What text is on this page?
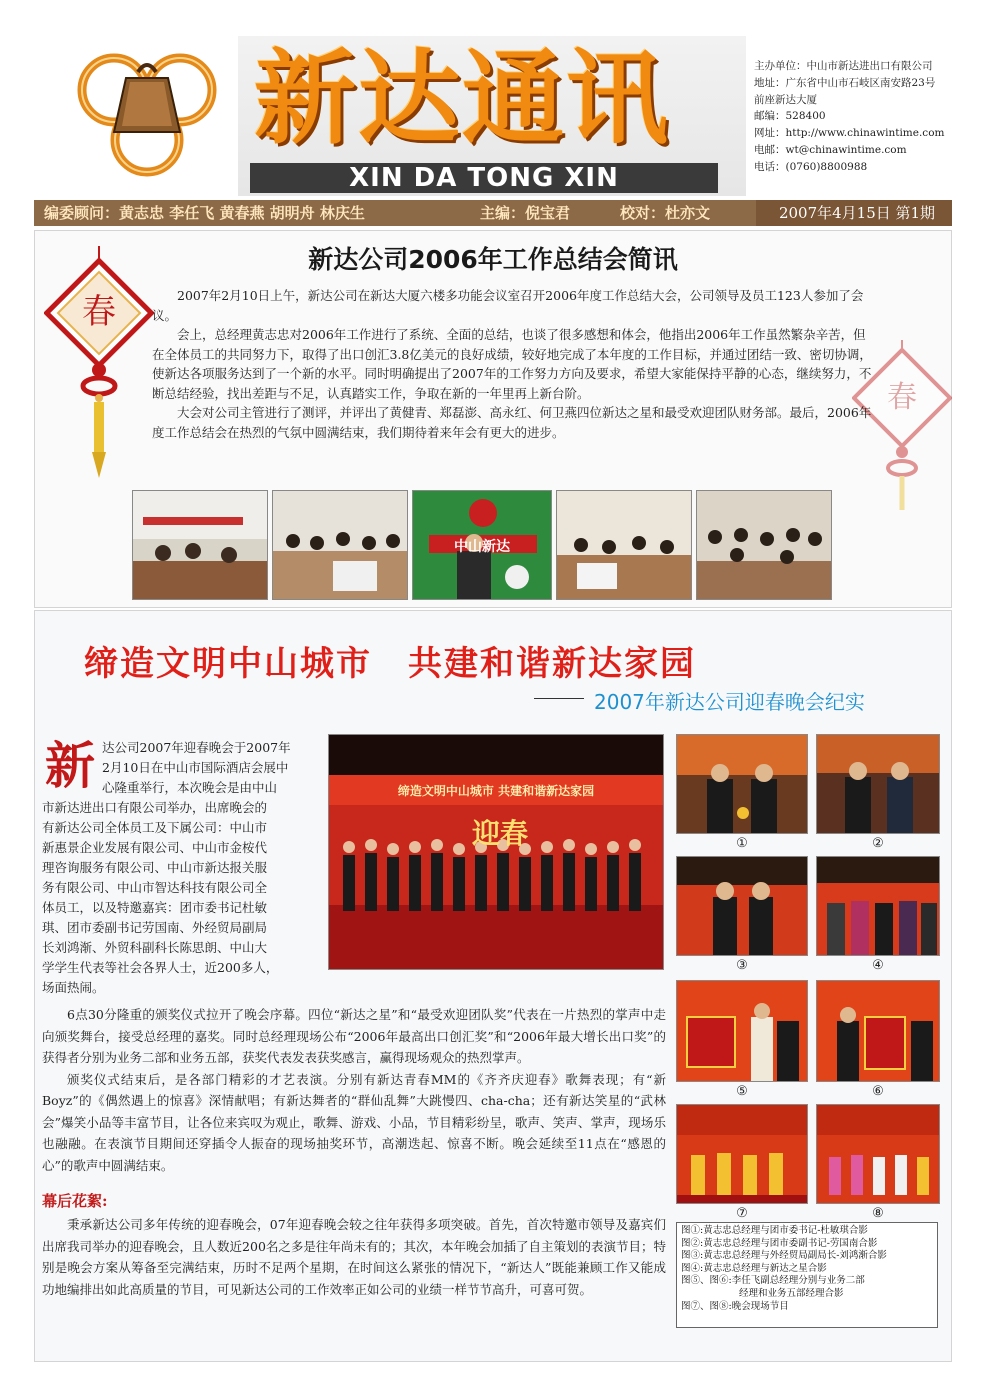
新达通讯
XIN DA TONG XIN
主办单位：中山市新达进出口有限公司
地址：广东省中山市石岐区南安路23号
前座新达大厦
邮编：528400
网址：http://www.chinawintime.com
电邮：wt@chinawintime.com
电话：(0760)8800988
编委顾问：黄志忠 李任飞 黄春燕 胡明舟 林庆生	主编：倪宝君	校对：杜亦文	2007年4月15日 第1期
春
春
新达公司2006年工作总结会简讯

2007年2月10日上午，新达公司在新达大厦六楼多功能会议室召开2006年度工作总结大会，公司领导及员工123人参加了会议。

会上，总经理黄志忠对2006年工作进行了系统、全面的总结，也谈了很多感想和体会，他指出2006年工作虽然繁杂辛苦，但在全体员工的共同努力下，取得了出口创汇3.8亿美元的良好成绩，较好地完成了本年度的工作目标，并通过团结一致、密切协调，使新达各项服务达到了一个新的水平。同时明确提出了2007年的工作努力方向及要求，希望大家能保持平静的心态，继续努力，不断总结经验，找出差距与不足，认真踏实工作，争取在新的一年里再上新台阶。

大会对公司主管进行了测评，并评出了黄健青、郑磊澎、高永红、何卫燕四位新达之星和最受欢迎团队财务部。最后，2006年度工作总结会在热烈的气氛中圆满结束，我们期待着来年会有更大的进步。

中山新达
缔造文明中山城市　共建和谐新达家园
2007年新达公司迎春晚会纪实
新 达公司2007年迎春晚会于2007年
2月10日在中山市国际酒店会展中
心隆重举行，本次晚会是由中山
市新达进出口有限公司举办，出席晚会的
有新达公司全体员工及下属公司：中山市
新惠景企业发展有限公司、中山市金桉代
理咨询服务有限公司、中山市新达报关服
务有限公司、中山市智达科技有限公司全
体员工，以及特邀嘉宾：团市委书记杜敏
琪、团市委副书记劳国南、外经贸局副局
长刘鸿渐、外贸科副科长陈思朗、中山大
学学生代表等社会各界人士，近200多人，
场面热闹。
缔造文明中山城市 共建和谐新达家园
迎春

6点30分隆重的颁奖仪式拉开了晚会序幕。四位“新达之星”和“最受欢迎团队奖”代表在一片热烈的掌声中走向颁奖舞台，接受总经理的嘉奖。同时总经理现场公布“2006年最高出口创汇奖”和“2006年最大增长出口奖”的获得者分别为业务二部和业务五部，获奖代表发表获奖感言，赢得现场观众的热烈掌声。

颁奖仪式结束后，是各部门精彩的才艺表演。分别有新达青春MM的《齐齐庆迎春》歌舞表现；有“新Boyz”的《偶然遇上的惊喜》深情献唱；有新达舞者的“群仙乱舞”大跳慢四、cha-cha；还有新达笑星的“武林会”爆笑小品等丰富节目，让各位来宾叹为观止，歌舞、游戏、小品，节目精彩纷呈，歌声、笑声、掌声，现场乐也融融。在表演节目期间还穿插令人振奋的现场抽奖环节，高潮迭起、惊喜不断。晚会延续至11点在“感恩的心”的歌声中圆满结束。

幕后花絮:

秉承新达公司多年传统的迎春晚会，07年迎春晚会较之往年获得多项突破。首先，首次特邀市领导及嘉宾们出席我司举办的迎春晚会，且人数近200名之多是往年尚未有的；其次，本年晚会加插了自主策划的表演节目；特别是晚会方案从筹备至完满结束，历时不足两个星期，在时间这么紧张的情况下，“新达人”既能兼顾工作又能成功地编排出如此高质量的节目，可见新达公司的工作效率正如公司的业绩一样节节高升，可喜可贺。

①	②
③	④
⑤	⑥
⑦	⑧
图①:黄志忠总经理与团市委书记-杜敏琪合影
图②:黄志忠总经理与团市委副书记-劳国南合影
图③:黄志忠总经理与外经贸局副局长-刘鸿渐合影
图④:黄志忠总经理与新达之星合影
图⑤、图⑥:李任飞副总经理分别与业务二部
经理和业务五部经理合影
图⑦、图⑧:晚会现场节目
